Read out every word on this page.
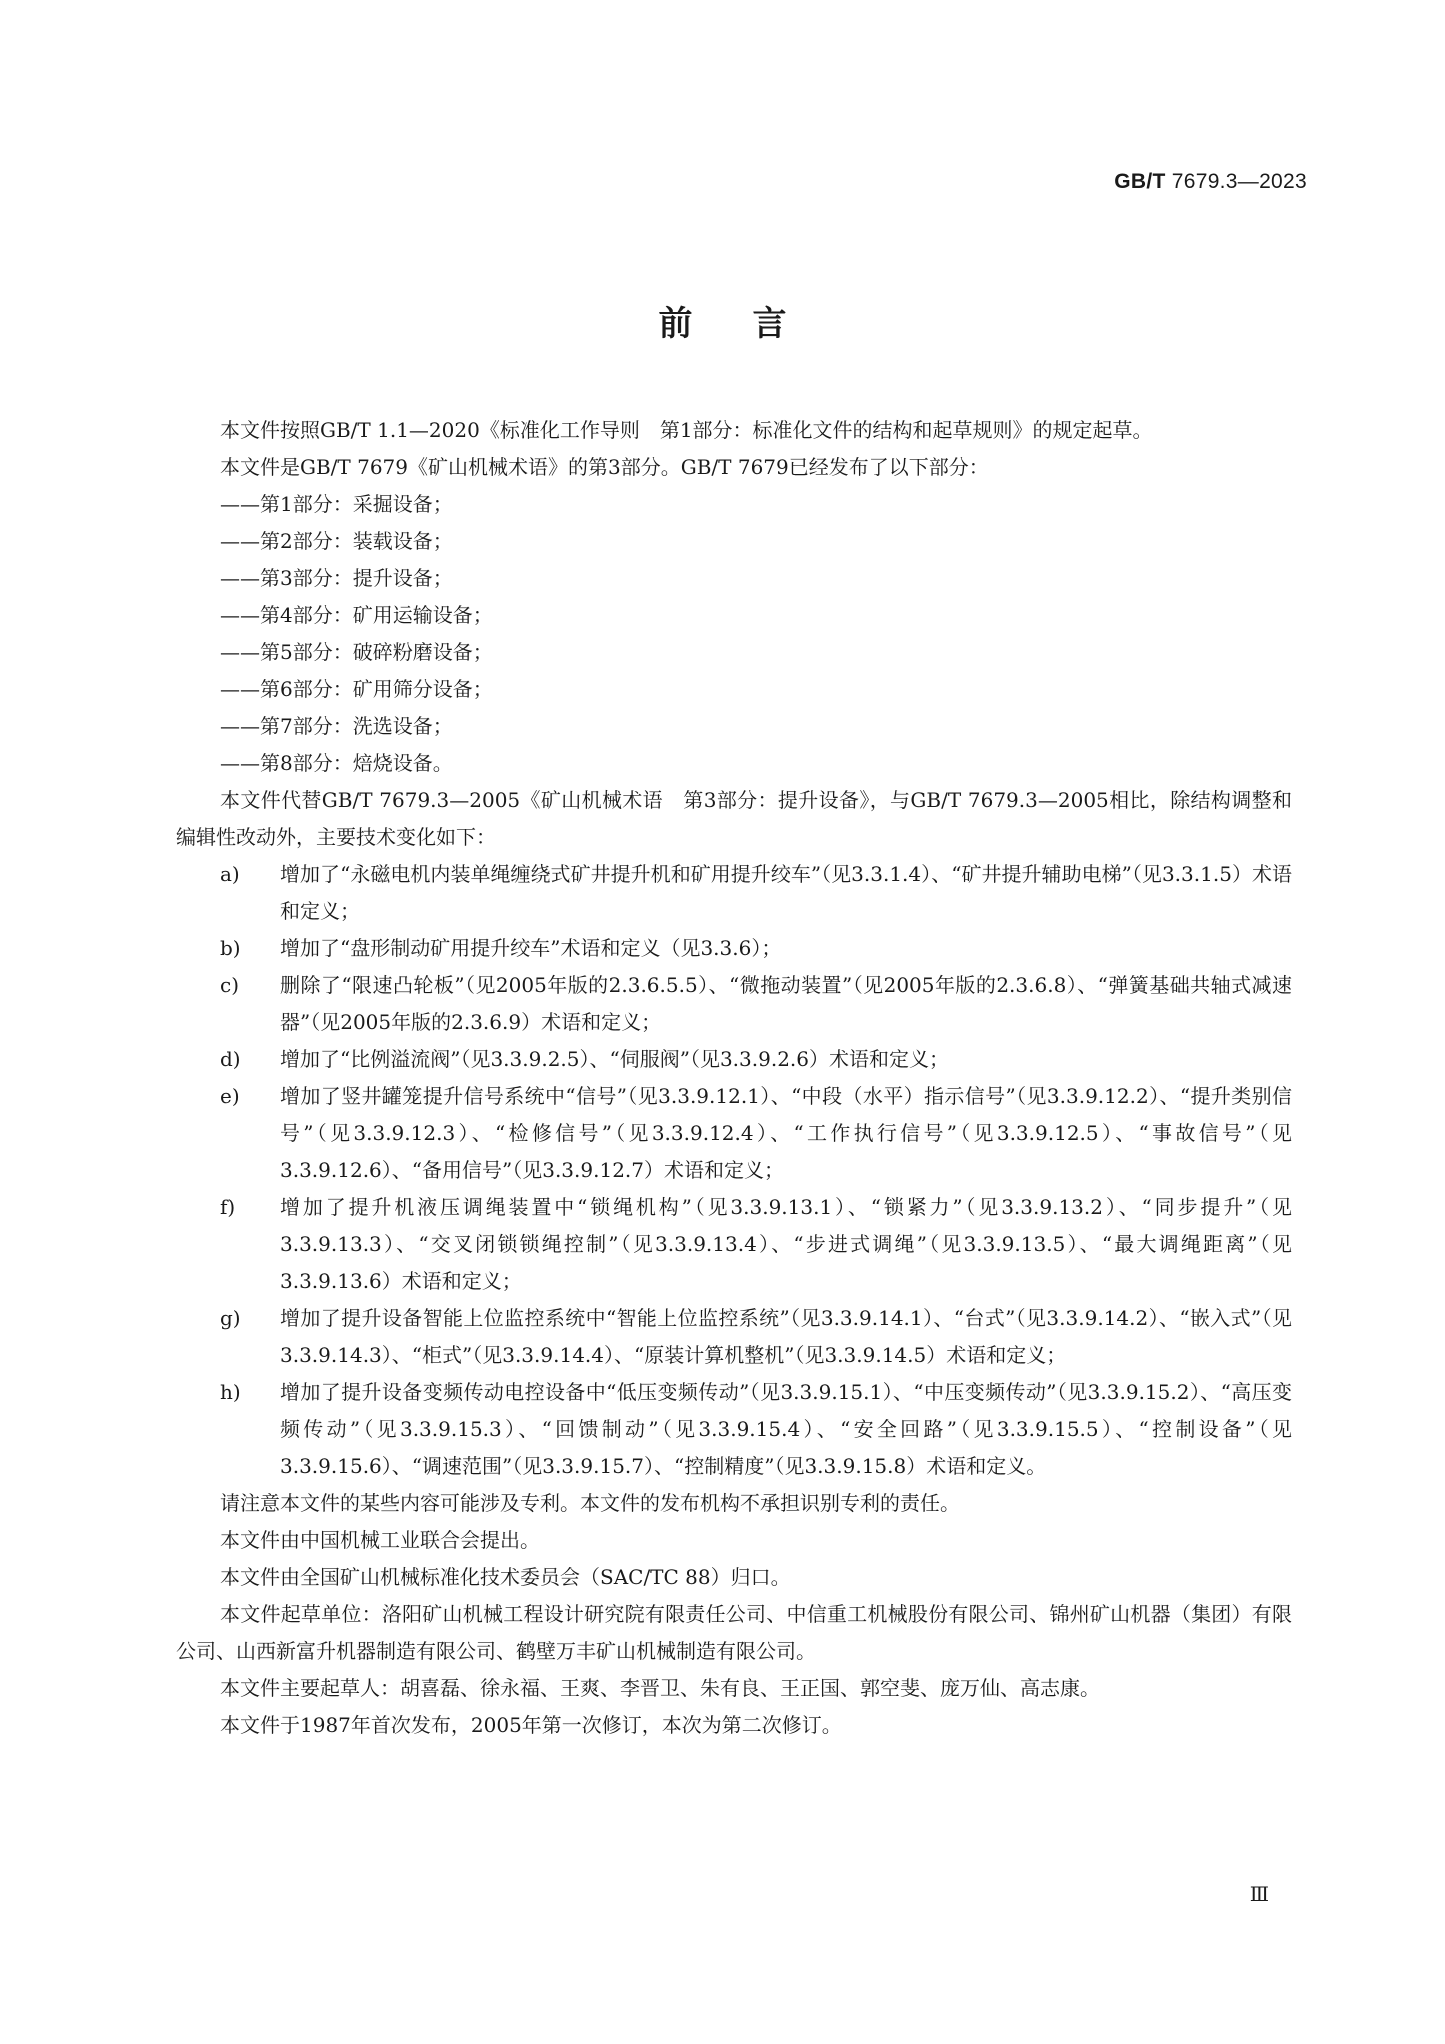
GB/T 7679.3—2023
前言

本文件按照GB/T 1.1—2020《标准化工作导则　第1部分：标准化文件的结构和起草规则》的规定起草。

本文件是GB/T 7679《矿山机械术语》的第3部分。GB/T 7679已经发布了以下部分：

——第1部分：采掘设备；

——第2部分：装载设备；

——第3部分：提升设备；

——第4部分：矿用运输设备；

——第5部分：破碎粉磨设备；

——第6部分：矿用筛分设备；

——第7部分：洗选设备；

——第8部分：焙烧设备。

本文件代替GB/T 7679.3—2005《矿山机械术语　第3部分：提升设备》，与GB/T 7679.3—2005相比，除结构调整和编辑性改动外，主要技术变化如下：

a)	增加了“永磁电机内装单绳缠绕式矿井提升机和矿用提升绞车”（见3.3.1.4）、“矿井提升辅助电梯”（见3.3.1.5）术语和定义；
b)	增加了“盘形制动矿用提升绞车”术语和定义（见3.3.6）；
c)	删除了“限速凸轮板”（见2005年版的2.3.6.5.5）、“微拖动装置”（见2005年版的2.3.6.8）、“弹簧基础共轴式减速器”（见2005年版的2.3.6.9）术语和定义；
d)	增加了“比例溢流阀”（见3.3.9.2.5）、“伺服阀”（见3.3.9.2.6）术语和定义；
e)	增加了竖井罐笼提升信号系统中“信号”（见3.3.9.12.1）、“中段（水平）指示信号”（见3.3.9.12.2）、“提升类别信号”（见3.3.9.12.3）、“检修信号”（见3.3.9.12.4）、“工作执行信号”（见3.3.9.12.5）、“事故信号”（见3.3.9.12.6）、“备用信号”（见3.3.9.12.7）术语和定义；
f)	增加了提升机液压调绳装置中“锁绳机构”（见3.3.9.13.1）、“锁紧力”（见3.3.9.13.2）、“同步提升”（见3.3.9.13.3）、“交叉闭锁锁绳控制”（见3.3.9.13.4）、“步进式调绳”（见3.3.9.13.5）、“最大调绳距离”（见3.3.9.13.6）术语和定义；
g)	增加了提升设备智能上位监控系统中“智能上位监控系统”（见3.3.9.14.1）、“台式”（见3.3.9.14.2）、“嵌入式”（见3.3.9.14.3）、“柜式”（见3.3.9.14.4）、“原装计算机整机”（见3.3.9.14.5）术语和定义；
h)	增加了提升设备变频传动电控设备中“低压变频传动”（见3.3.9.15.1）、“中压变频传动”（见3.3.9.15.2）、“高压变频传动”（见3.3.9.15.3）、“回馈制动”（见3.3.9.15.4）、“安全回路”（见3.3.9.15.5）、“控制设备”（见3.3.9.15.6）、“调速范围”（见3.3.9.15.7）、“控制精度”（见3.3.9.15.8）术语和定义。

请注意本文件的某些内容可能涉及专利。本文件的发布机构不承担识别专利的责任。

本文件由中国机械工业联合会提出。

本文件由全国矿山机械标准化技术委员会（SAC/TC 88）归口。

本文件起草单位：洛阳矿山机械工程设计研究院有限责任公司、中信重工机械股份有限公司、锦州矿山机器（集团）有限公司、山西新富升机器制造有限公司、鹤壁万丰矿山机械制造有限公司。

本文件主要起草人：胡喜磊、徐永福、王爽、李晋卫、朱有良、王正国、郭空斐、庞万仙、高志康。

本文件于1987年首次发布，2005年第一次修订，本次为第二次修订。

Ⅲ
